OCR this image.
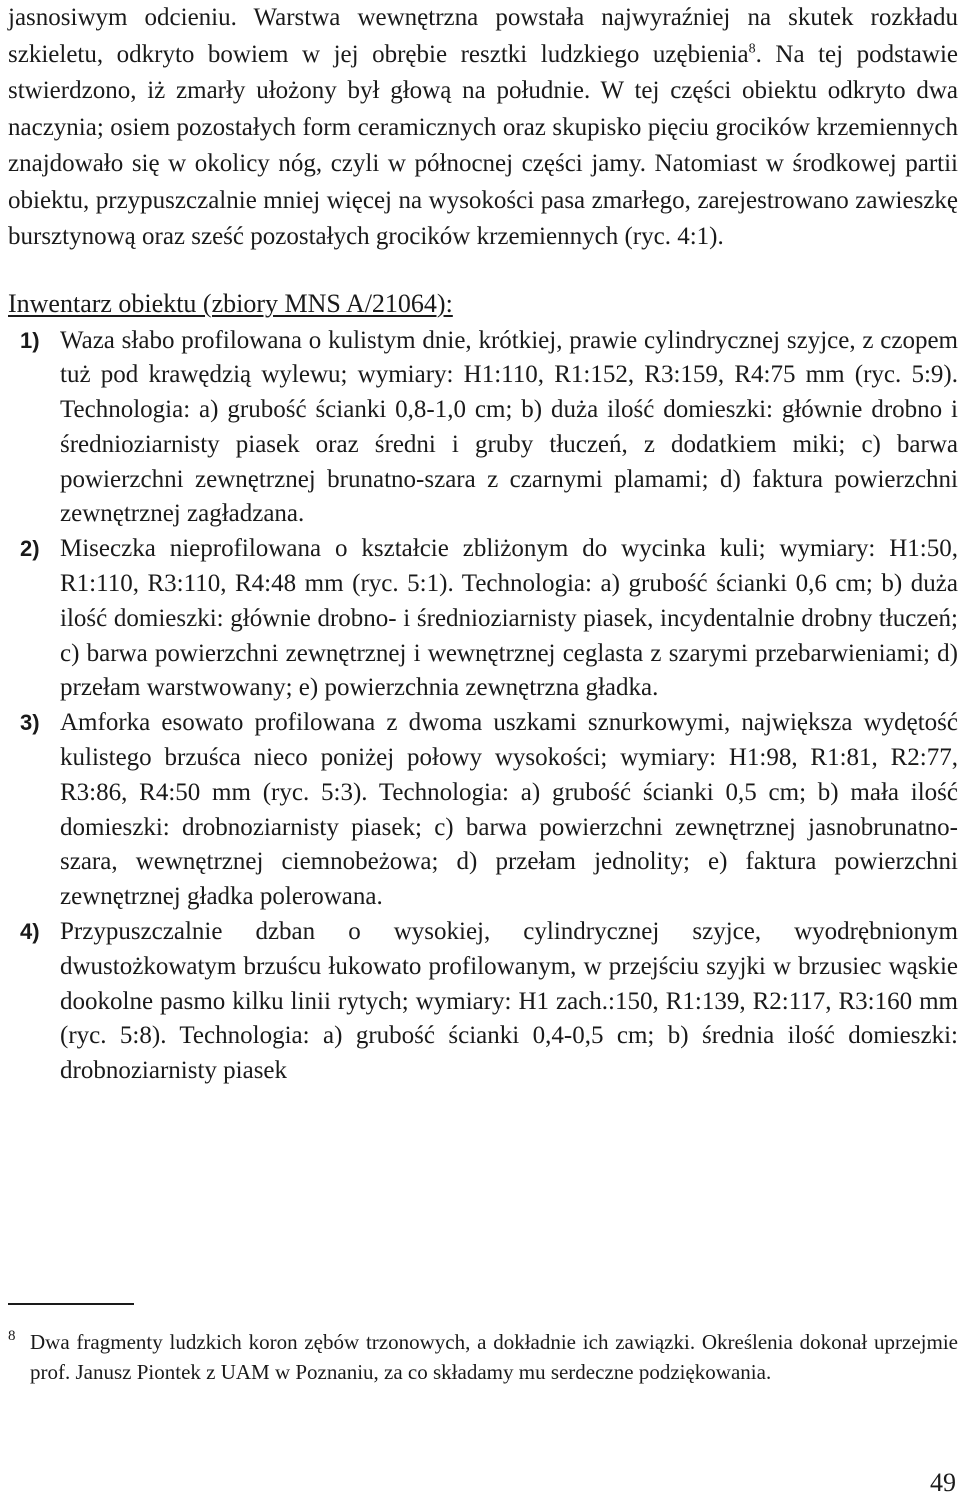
jasnosiwym odcieniu. Warstwa wewnętrzna powstała najwyraźniej na skutek rozkładu szkieletu, odkryto bowiem w jej obrębie resztki ludzkiego uzębienia$^8$. Na tej podstawie stwierdzono, iż zmarły ułożony był głową na południe. W tej części obiektu odkryto dwa naczynia; osiem pozostałych form ceramicznych oraz skupisko pięciu grocików krzemiennych znajdowało się w okolicy nóg, czyli w północnej części jamy. Natomiast w środkowej partii obiektu, przypuszczalnie mniej więcej na wysokości pasa zmarłego, zarejestrowano zawieszkę bursztynową oraz sześć pozostałych grocików krzemiennych (ryc. 4:1).

Inwentarz obiektu (zbiory MNS A/21064):
1) Waza słabo profilowana o kulistym dnie, krótkiej, prawie cylindrycznej szyjce, z czopem tuż pod krawędzią wylewu; wymiary: H1:110, R1:152, R3:159, R4:75 mm (ryc. 5:9). Technologia: a) grubość ścianki 0,8-1,0 cm; b) duża ilość domieszki: głównie drobno i średnioziarnisty piasek oraz średni i gruby tłuczeń, z dodatkiem miki; c) barwa powierzchni zewnętrznej brunatno-szara z czarnymi plamami; d) faktura powierzchni zewnętrznej zagładzana.
2) Miseczka nieprofilowana o kształcie zbliżonym do wycinka kuli; wymiary: H1:50, R1:110, R3:110, R4:48 mm (ryc. 5:1). Technologia: a) grubość ścianki 0,6 cm; b) duża ilość domieszki: głównie drobno- i średnioziarnisty piasek, incydentalnie drobny tłuczeń; c) barwa powierzchni zewnętrznej i wewnętrznej ceglasta z szarymi przebarwieniami; d) przełam warstwowany; e) powierzchnia zewnętrzna gładka.
3) Amforka esowato profilowana z dwoma uszkami sznurkowymi, największa wydętość kulistego brzuśca nieco poniżej połowy wysokości; wymiary: H1:98, R1:81, R2:77, R3:86, R4:50 mm (ryc. 5:3). Technologia: a) grubość ścianki 0,5 cm; b) mała ilość domieszki: drobnoziarnisty piasek; c) barwa powierzchni zewnętrznej jasnobrunatno-szara, wewnętrznej ciemnobeżowa; d) przełam jednolity; e) faktura powierzchni zewnętrznej gładka polerowana.
4) Przypuszczalnie dzban o wysokiej, cylindrycznej szyjce, wyodrębnionym dwustożkowatym brzuścu łukowato profilowanym, w przejściu szyjki w brzusiec wąskie dookolne pasmo kilku linii rytych; wymiary: H1 zach.:150, R1:139, R2:117, R3:160 mm (ryc. 5:8). Technologia: a) grubość ścianki 0,4-0,5 cm; b) średnia ilość domieszki: drobnoziarnisty piasek
8 Dwa fragmenty ludzkich koron zębów trzonowych, a dokładnie ich zawiązki. Określenia dokonał uprzejmie prof. Janusz Piontek z UAM w Poznaniu, za co składamy mu serdeczne podziękowania.
49
